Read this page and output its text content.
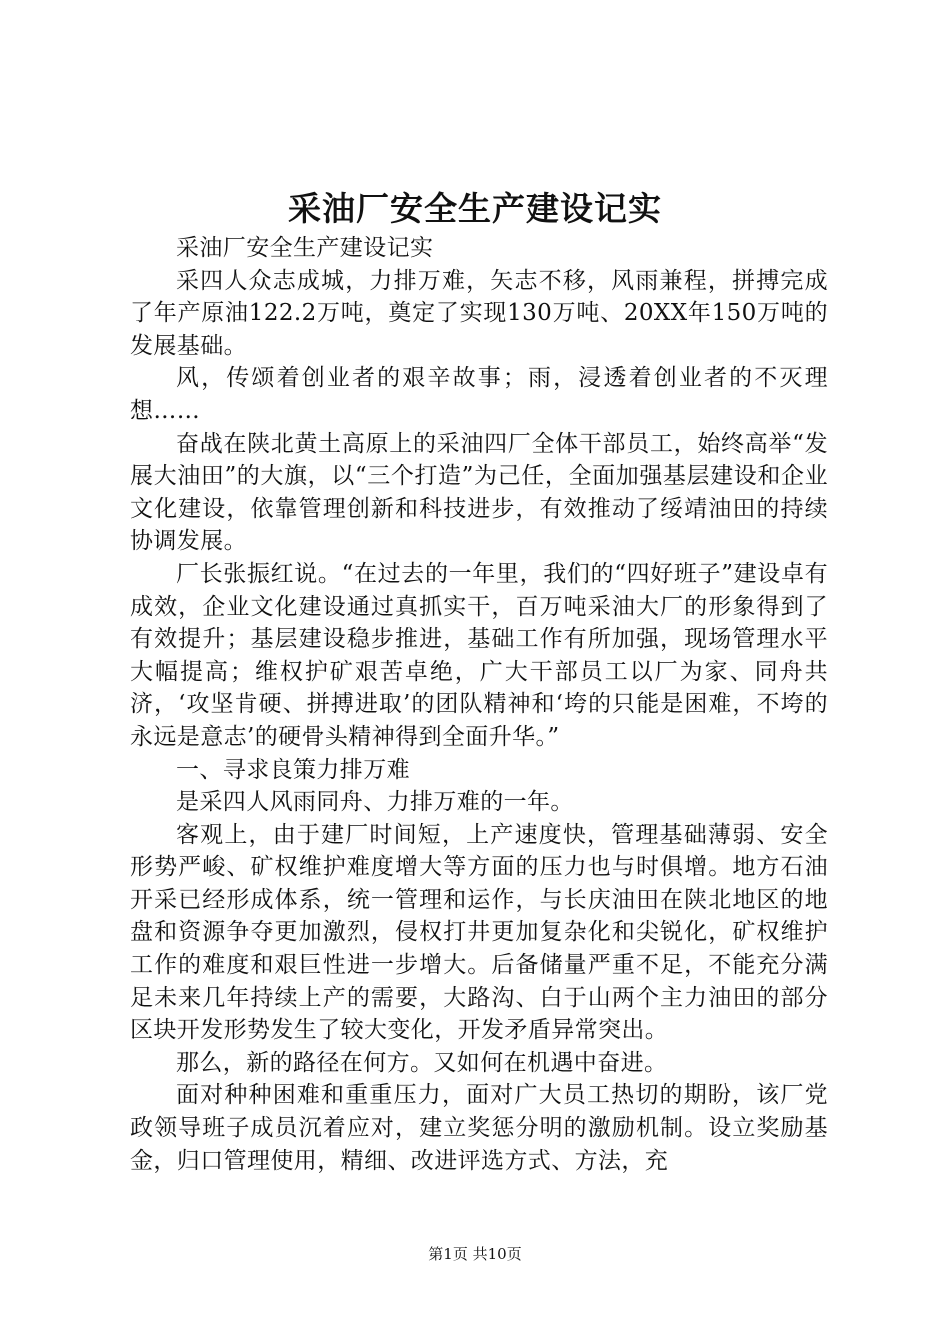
采油厂安全生产建设记实

采油厂安全生产建设记实

采四人众志成城，力排万难，矢志不移，风雨兼程，拼搏完成了年产原油122.2万吨，奠定了实现130万吨、20XX年150万吨的发展基础。

风，传颂着创业者的艰辛故事；雨，浸透着创业者的不灭理想……

奋战在陕北黄土高原上的采油四厂全体干部员工，始终高举“发展大油田”的大旗，以“三个打造”为己任，全面加强基层建设和企业文化建设，依靠管理创新和科技进步，有效推动了绥靖油田的持续协调发展。

厂长张振红说。“在过去的一年里，我们的“四好班子”建设卓有成效，企业文化建设通过真抓实干，百万吨采油大厂的形象得到了有效提升；基层建设稳步推进，基础工作有所加强，现场管理水平大幅提高；维权护矿艰苦卓绝，广大干部员工以厂为家、同舟共济，‘攻坚肯硬、拼搏进取’的团队精神和‘垮的只能是困难，不垮的永远是意志’的硬骨头精神得到全面升华。”

一、寻求良策力排万难

是采四人风雨同舟、力排万难的一年。

客观上，由于建厂时间短，上产速度快，管理基础薄弱、安全形势严峻、矿权维护难度增大等方面的压力也与时俱增。地方石油开采已经形成体系，统一管理和运作，与长庆油田在陕北地区的地盘和资源争夺更加激烈，侵权打井更加复杂化和尖锐化，矿权维护工作的难度和艰巨性进一步增大。后备储量严重不足，不能充分满足未来几年持续上产的需要，大路沟、白于山两个主力油田的部分区块开发形势发生了较大变化，开发矛盾异常突出。

那么，新的路径在何方。又如何在机遇中奋进。

面对种种困难和重重压力，面对广大员工热切的期盼，该厂党政领导班子成员沉着应对，建立奖惩分明的激励机制。设立奖励基金，归口管理使用，精细、改进评选方式、方法，充

第1页 共10页
